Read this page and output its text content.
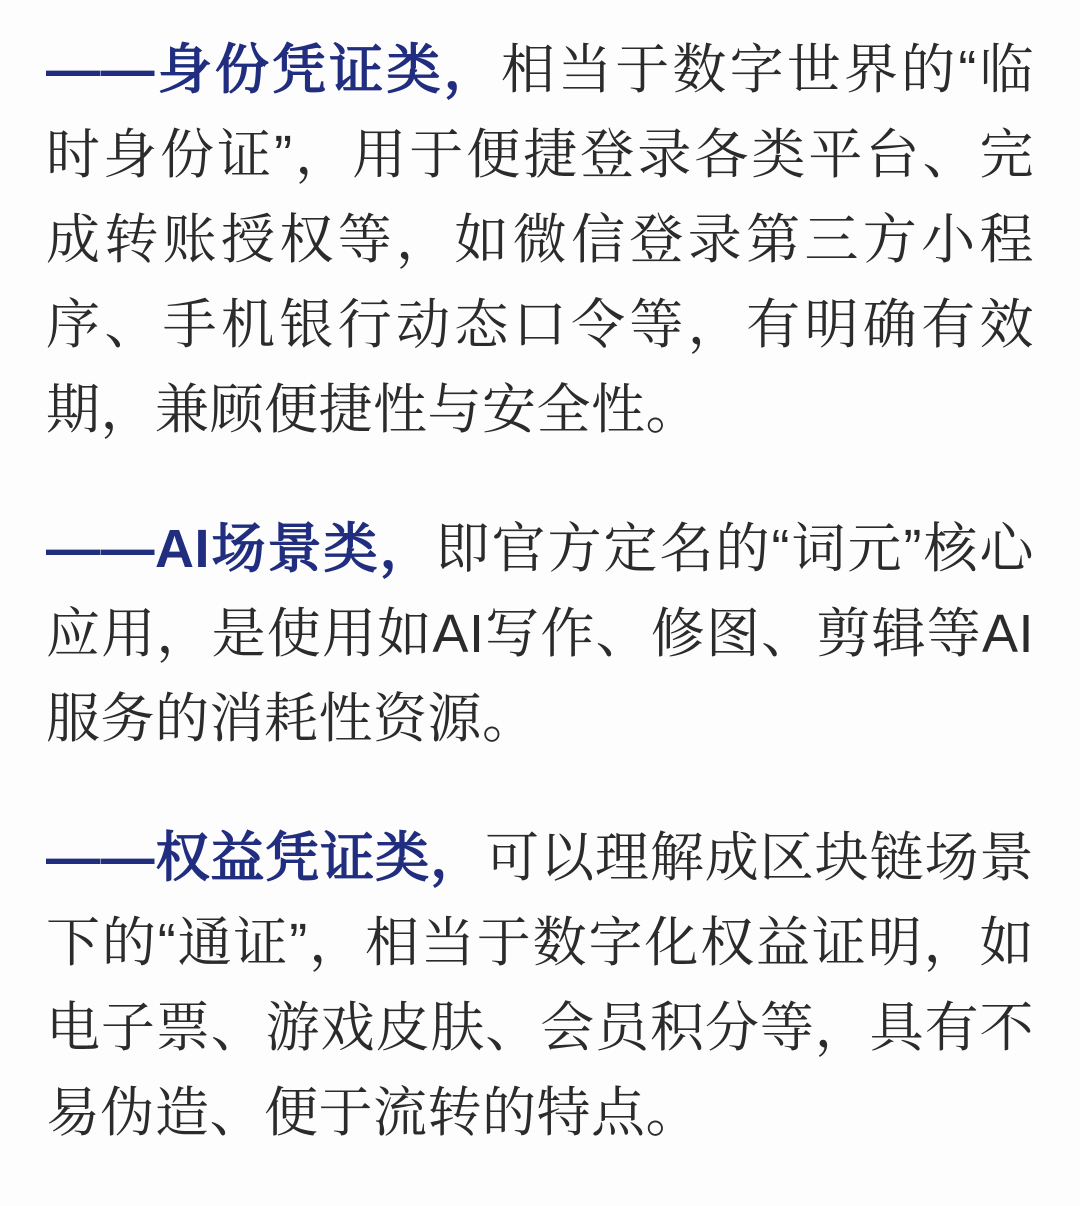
——身份凭证类，相当于数字世界的“临时身份证”，用于便捷登录各类平台、完成转账授权等，如微信登录第三方小程序、手机银行动态口令等，有明确有效期，兼顾便捷性与安全性。

——AI场景类，即官方定名的“词元”核心应用，是使用如AI写作、修图、剪辑等AI服务的消耗性资源。

——权益凭证类，可以理解成区块链场景下的“通证”，相当于数字化权益证明，如电子票、游戏皮肤、会员积分等，具有不易伪造、便于流转的特点。
